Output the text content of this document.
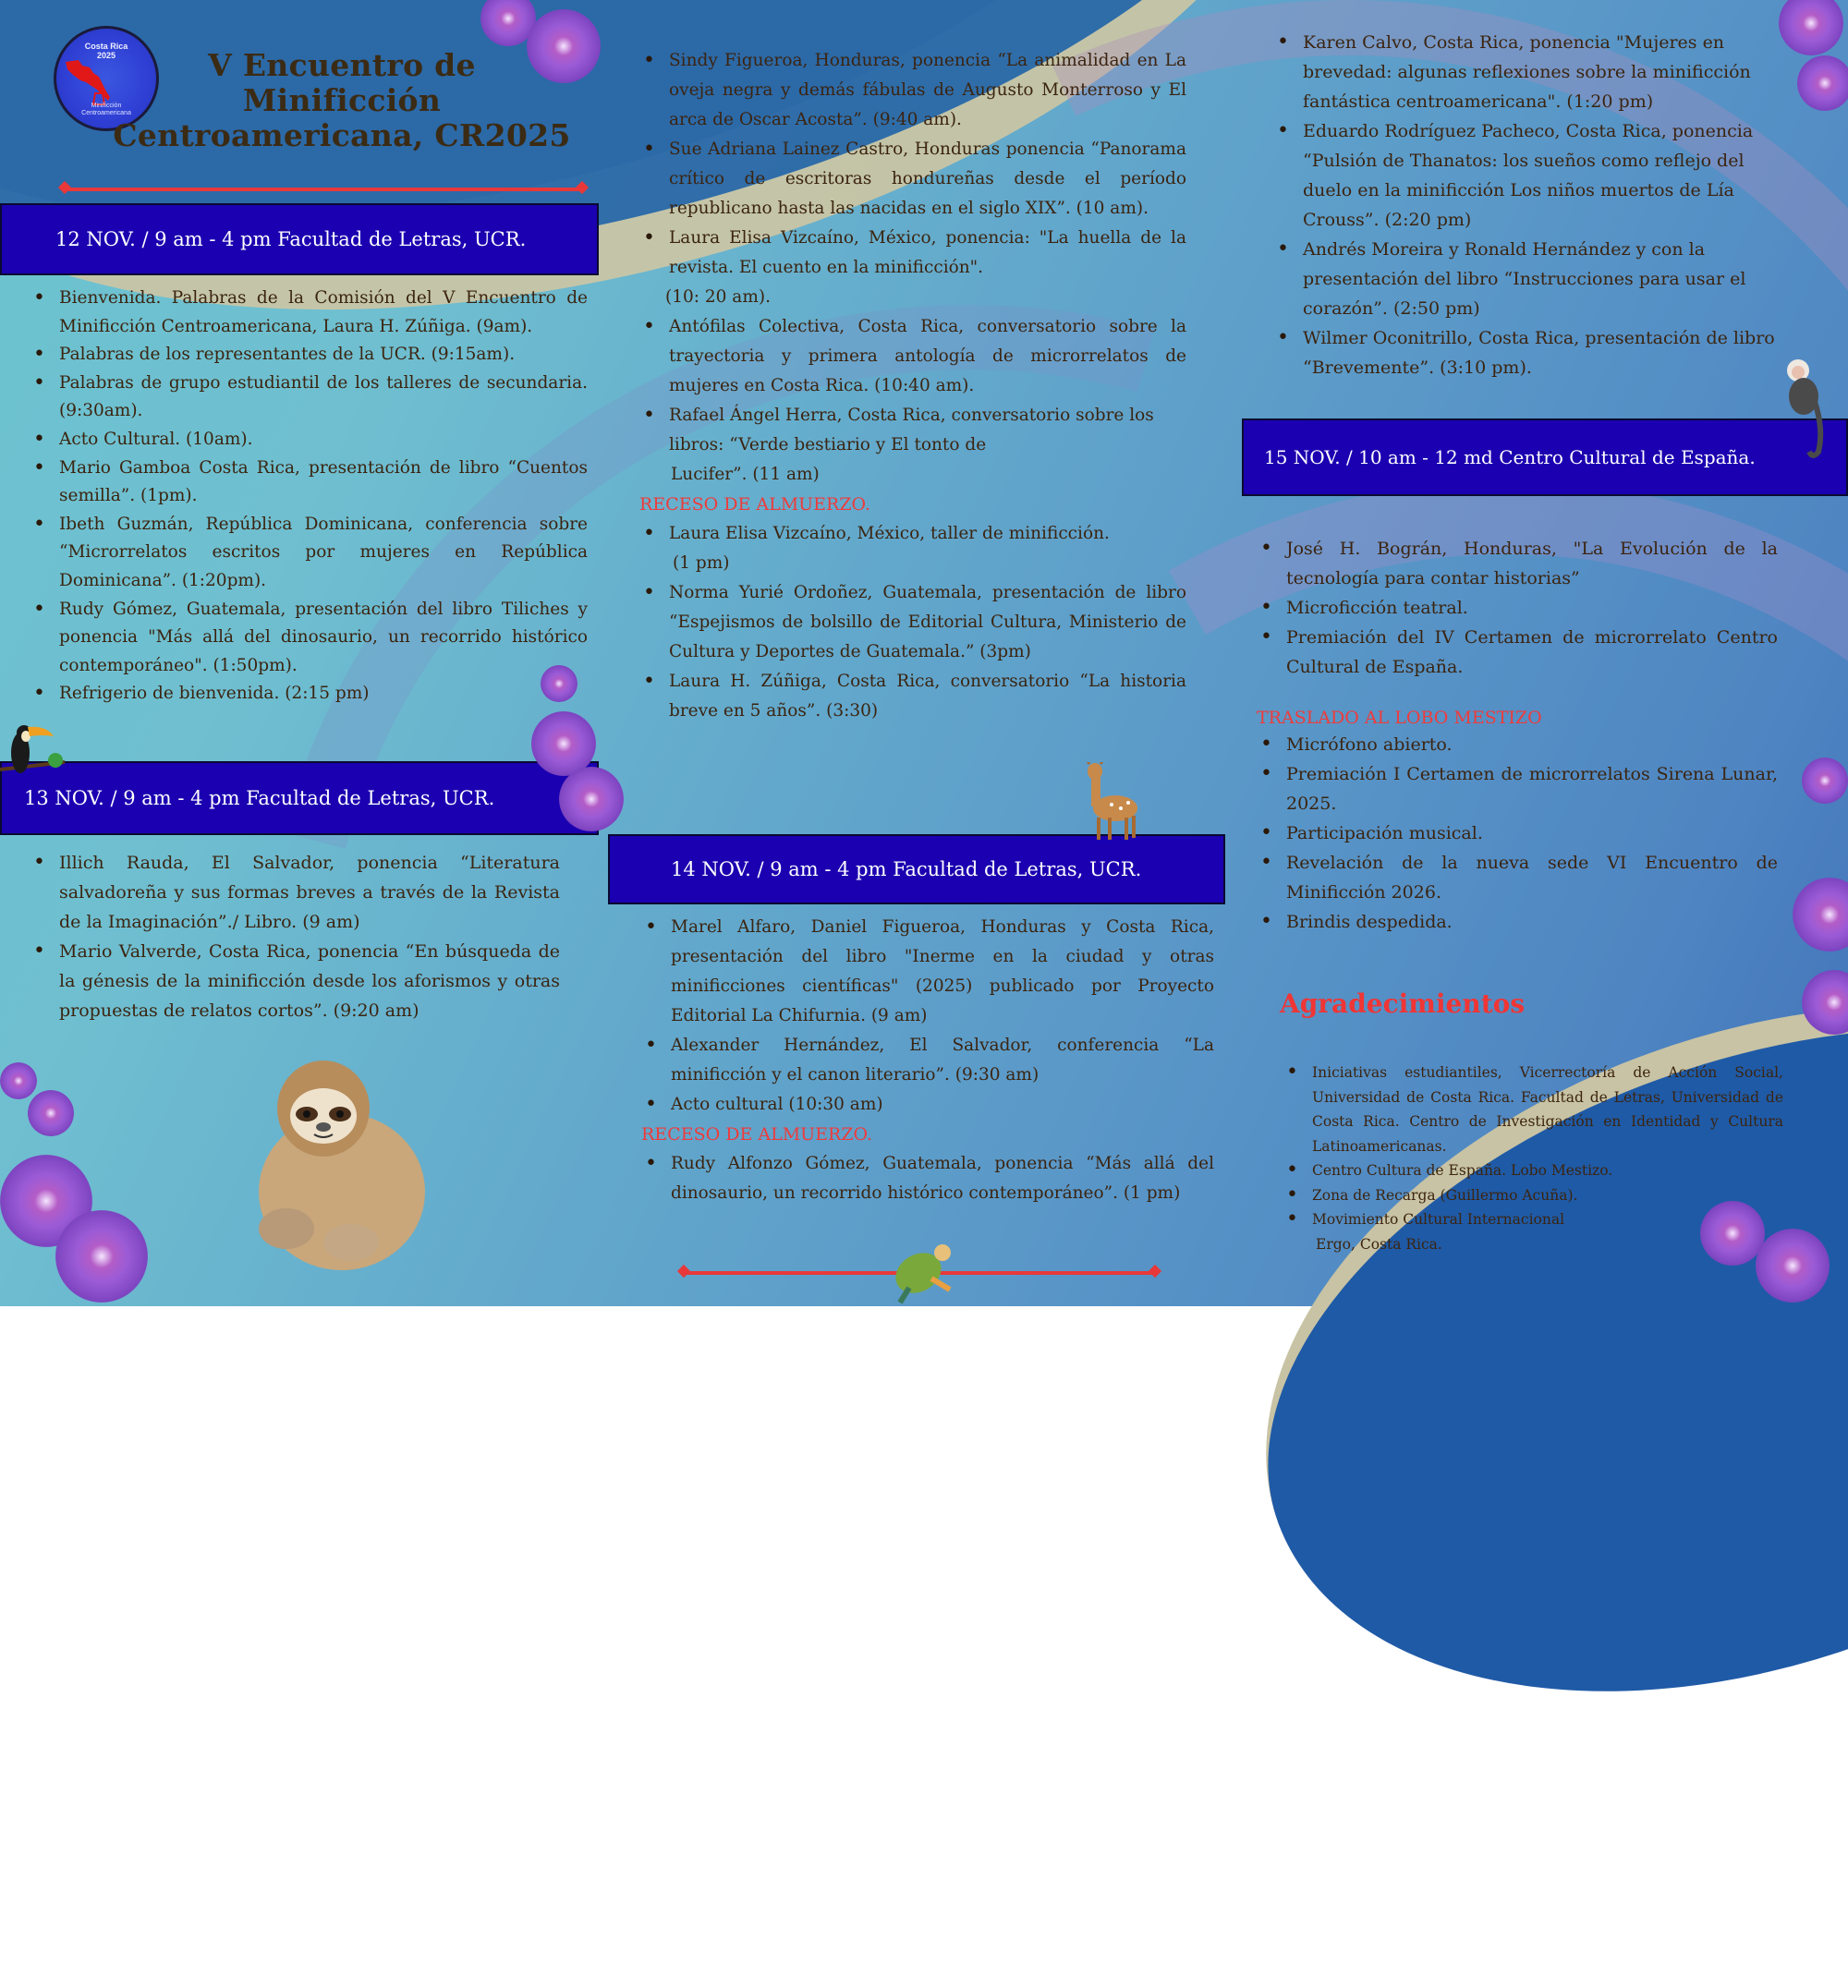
Costa Rica
2025
Minificción
Centroamericana
V Encuentro de
Minificción
Centroamericana, CR2025
12 NOV. / 9 am - 4 pm Facultad de Letras, UCR.
• Bienvenida. Palabras de la Comisión del V Encuentro de Minificción Centroamericana, Laura H. Zúñiga. (9am).
• Palabras de los representantes de la UCR. (9:15am).
• Palabras de grupo estudiantil de los talleres de secundaria. (9:30am).
• Acto Cultural. (10am).
• Mario Gamboa Costa Rica, presentación de libro “Cuentos semilla”. (1pm).
• Ibeth Guzmán, República Dominicana, conferencia sobre “Microrrelatos escritos por mujeres en República Dominicana”. (1:20pm).
• Rudy Gómez, Guatemala, presentación del libro Tiliches y ponencia "Más allá del dinosaurio, un recorrido histórico contemporáneo". (1:50pm).
• Refrigerio de bienvenida. (2:15 pm)
13 NOV. / 9 am - 4 pm Facultad de Letras, UCR.
• Illich Rauda, El Salvador, ponencia “Literatura salvadoreña y sus formas breves a través de la Revista de la Imaginación”./ Libro. (9 am)
• Mario Valverde, Costa Rica, ponencia “En búsqueda de la génesis de la minificción desde los aforismos y otras propuestas de relatos cortos”. (9:20 am)
• Sindy Figueroa, Honduras, ponencia “La animalidad en La oveja negra y demás fábulas de Augusto Monterroso y El arca de Oscar Acosta”. (9:40 am).
• Sue Adriana Lainez Castro, Honduras ponencia “Panorama crítico de escritoras hondureñas desde el período republicano hasta las nacidas en el siglo XIX”. (10 am).
• Laura Elisa Vizcaíno, México, ponencia: "La huella de la revista. El cuento en la minificción".
(10: 20 am).
• Antófilas Colectiva, Costa Rica, conversatorio sobre la trayectoria y primera antología de microrrelatos de mujeres en Costa Rica. (10:40 am).
• Rafael Ángel Herra, Costa Rica, conversatorio sobre los libros: “Verde bestiario y El tonto de
Lucifer”. (11 am)
RECESO DE ALMUERZO.
• Laura Elisa Vizcaíno, México, taller de minificción.
(1 pm)
• Norma Yurié Ordoñez, Guatemala, presentación de libro “Espejismos de bolsillo de Editorial Cultura, Ministerio de Cultura y Deportes de Guatemala.” (3pm)
• Laura H. Zúñiga, Costa Rica, conversatorio “La historia breve en 5 años”. (3:30)
14 NOV. / 9 am - 4 pm Facultad de Letras, UCR.
• Marel Alfaro, Daniel Figueroa, Honduras y Costa Rica, presentación del libro "Inerme en la ciudad y otras minificciones científicas" (2025) publicado por Proyecto Editorial La Chifurnia. (9 am)
• Alexander Hernández, El Salvador, conferencia “La minificción y el canon literario”. (9:30 am)
• Acto cultural (10:30 am)
RECESO DE ALMUERZO.
• Rudy Alfonzo Gómez, Guatemala, ponencia “Más allá del dinosaurio, un recorrido histórico contemporáneo”. (1 pm)
• Karen Calvo, Costa Rica, ponencia "Mujeres en brevedad: algunas reflexiones sobre la minificción fantástica centroamericana". (1:20 pm)
• Eduardo Rodríguez Pacheco, Costa Rica, ponencia “Pulsión de Thanatos: los sueños como reflejo del duelo en la minificción Los niños muertos de Lía Crouss”. (2:20 pm)
• Andrés Moreira y Ronald Hernández y con la presentación del libro “Instrucciones para usar el corazón”. (2:50 pm)
• Wilmer Oconitrillo, Costa Rica, presentación de libro “Brevemente”. (3:10 pm).
15 NOV. / 10 am - 12 md Centro Cultural de España.
• José H. Bográn, Honduras, "La Evolución de la tecnología para contar historias”
• Microficción teatral.
• Premiación del IV Certamen de microrrelato Centro Cultural de España.
TRASLADO AL LOBO MESTIZO
• Micrófono abierto.
• Premiación I Certamen de microrrelatos Sirena Lunar, 2025.
• Participación musical.
• Revelación de la nueva sede VI Encuentro de Minificción 2026.
• Brindis despedida.
Agradecimientos
• Iniciativas estudiantiles, Vicerrectoría de Acción Social, Universidad de Costa Rica. Facultad de Letras, Universidad de Costa Rica. Centro de Investigación en Identidad y Cultura Latinoamericanas.
• Centro Cultura de España. Lobo Mestizo.
• Zona de Recarga (Guillermo Acuña).
• Movimiento Cultural Internacional
Ergo, Costa Rica.
